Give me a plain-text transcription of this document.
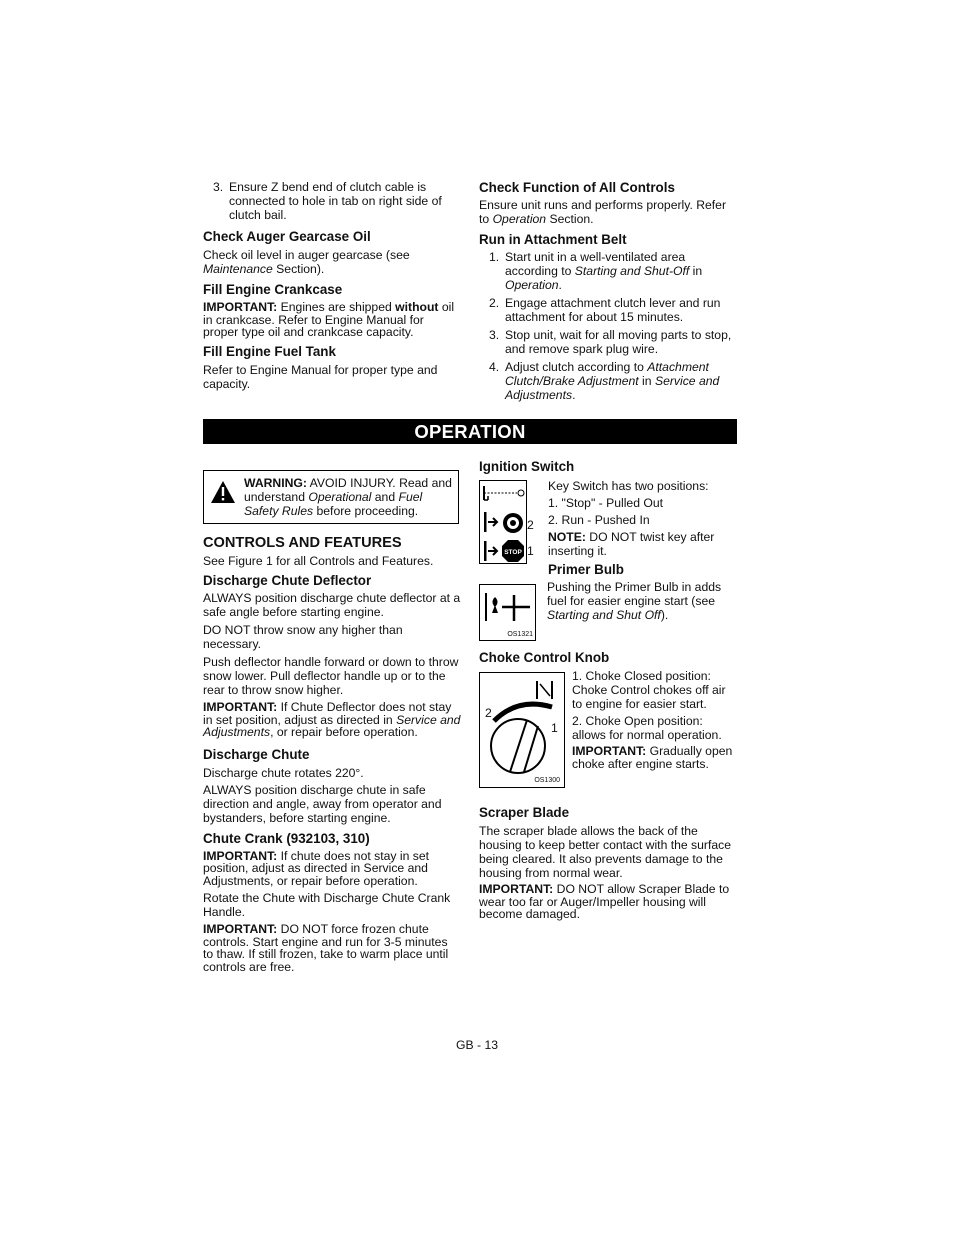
3. Ensure Z bend end of clutch cable is connected to hole in tab on right side of clutch bail.
Check Auger Gearcase Oil

Check oil level in auger gearcase (see Maintenance Section).

Fill Engine Crankcase

IMPORTANT: Engines are shipped without oil in crankcase. Refer to Engine Manual for proper type oil and crankcase capacity.

Fill Engine Fuel Tank

Refer to Engine Manual for proper type and capacity.

Check Function of All Controls

Ensure unit runs and performs properly. Refer to Operation Section.

Run in Attachment Belt
1. Start unit in a well-ventilated area according to Starting and Shut-Off in Operation.
2. Engage attachment clutch lever and run attachment for about 15 minutes.
3. Stop unit, wait for all moving parts to stop, and remove spark plug wire.
4. Adjust clutch according to Attachment Clutch/Brake Adjustment in Service and Adjustments.
OPERATION
WARNING: AVOID INJURY. Read and understand Operational and Fuel Safety Rules before proceeding.
CONTROLS AND FEATURES

See Figure 1 for all Controls and Features.

Discharge Chute Deflector

ALWAYS position discharge chute deflector at a safe angle before starting engine.

DO NOT throw snow any higher than necessary.

Push deflector handle forward or down to throw snow lower. Pull deflector handle up or to the rear to throw snow higher.

IMPORTANT: If Chute Deflector does not stay in set position, adjust as directed in Service and Adjustments, or repair before operation.

Discharge Chute

Discharge chute rotates 220°.

ALWAYS position discharge chute in safe direction and angle, away from operator and bystanders, before starting engine.

Chute Crank (932103, 310)

IMPORTANT: If chute does not stay in set position, adjust as directed in Service and Adjustments, or repair before operation.

Rotate the Chute with Discharge Chute Crank Handle.

IMPORTANT: DO NOT force frozen chute controls. Start engine and run for 3-5 minutes to thaw. If still frozen, take to warm place until controls are free.

Ignition Switch
STOP
2
1

Key Switch has two positions:

1. "Stop" - Pulled Out

2. Run - Pushed In

NOTE: DO NOT twist key after inserting it.

Primer Bulb
OS1321
Pushing the Primer Bulb in adds fuel for easier engine start (see Starting and Shut Off).
Choke Control Knob
2
1
OS1300

1. Choke Closed position: Choke Control chokes off air to engine for easier start.

2. Choke Open position: allows for normal operation.

IMPORTANT: Gradually open choke after engine starts.

Scraper Blade

The scraper blade allows the back of the housing to keep better contact with the surface being cleared. It also prevents damage to the housing from normal wear.

IMPORTANT: DO NOT allow Scraper Blade to wear too far or Auger/Impeller housing will become damaged.

GB - 13
